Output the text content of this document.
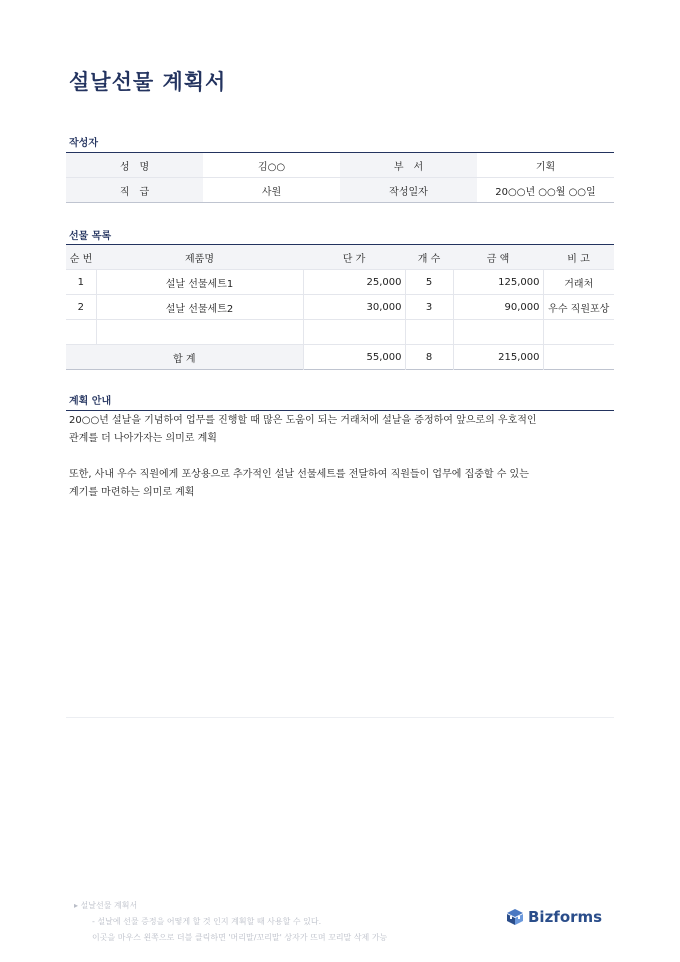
설날선물 계획서
작성자
성　명	김○○	부　서	기획
직　급	사원	작성일자	20○○년 ○○월 ○○일
선물 목록
순 번	제품명	단 가	개 수	금 액	비 고
1	설날 선물세트1	25,000	5	125,000	거래처
2	설날 선물세트2	30,000	3	90,000	우수 직원포상

합 계		55,000	8	215,000	
계획 안내

20○○년 설날을 기념하여 업무를 진행할 때 많은 도움이 되는 거래처에 설날을 증정하여 앞으로의 우호적인
관계를 더 나아가자는 의미로 계획

또한, 사내 우수 직원에게 포상용으로 추가적인 설날 선물세트를 전달하여 직원들이 업무에 집중할 수 있는
계기를 마련하는 의미로 계획

▸ 설날선물 계획서
- 설날에 선물 증정을 어떻게 할 것 인지 계획할 때 사용할 수 있다.
이곳을 마우스 왼쪽으로 더블 클릭하면 '머리말/꼬리말' 상자가 뜨며 꼬리말 삭제 가능
Bizforms
